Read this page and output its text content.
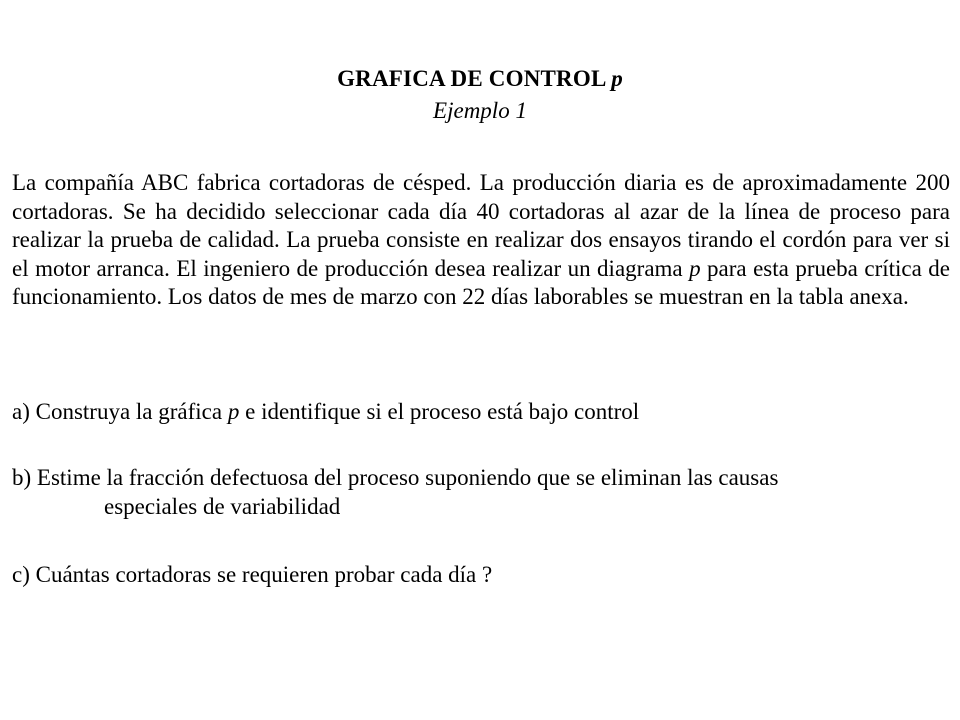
GRAFICA DE CONTROL p
Ejemplo 1
La compañía ABC fabrica cortadoras de césped. La producción diaria es de aproximadamente 200 cortadoras. Se ha decidido seleccionar cada día 40 cortadoras al azar de la línea de proceso para realizar la prueba de calidad. La prueba consiste en realizar dos ensayos tirando el cordón para ver si el motor arranca. El ingeniero de producción desea realizar un diagrama p para esta prueba crítica de funcionamiento. Los datos de mes de marzo con 22 días laborables se muestran en la tabla anexa.
a) Construya la gráfica p e identifique si el proceso está bajo control
b) Estime la fracción defectuosa del proceso suponiendo que se eliminan las causas
especiales de variabilidad
c) Cuántas cortadoras se requieren probar cada día ?
